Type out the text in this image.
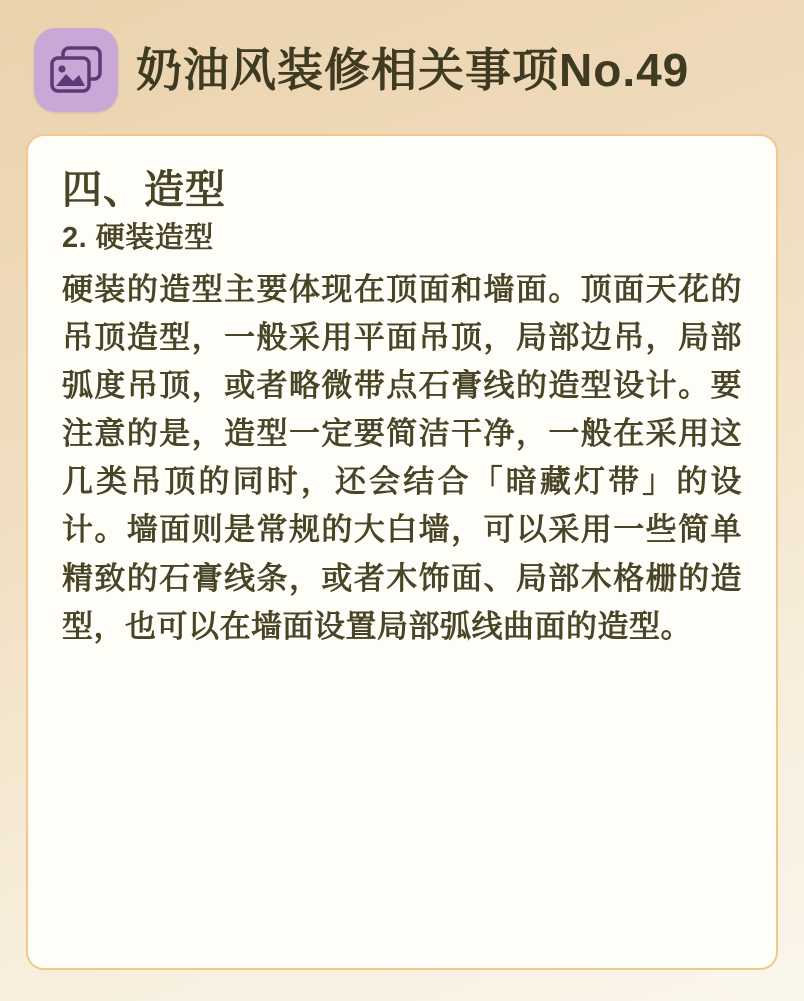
奶油风装修相关事项No.49
四、造型
2. 硬装造型

硬装的造型主要体现在顶面和墙面。顶面天花的吊顶造型，一般采用平面吊顶，局部边吊，局部弧度吊顶，或者略微带点石膏线的造型设计。要注意的是，造型一定要简洁干净，一般在采用这几类吊顶的同时，还会结合「暗藏灯带」的设计。墙面则是常规的大白墙，可以采用一些简单精致的石膏线条，或者木饰面、局部木格栅的造型，也可以在墙面设置局部弧线曲面的造型。
